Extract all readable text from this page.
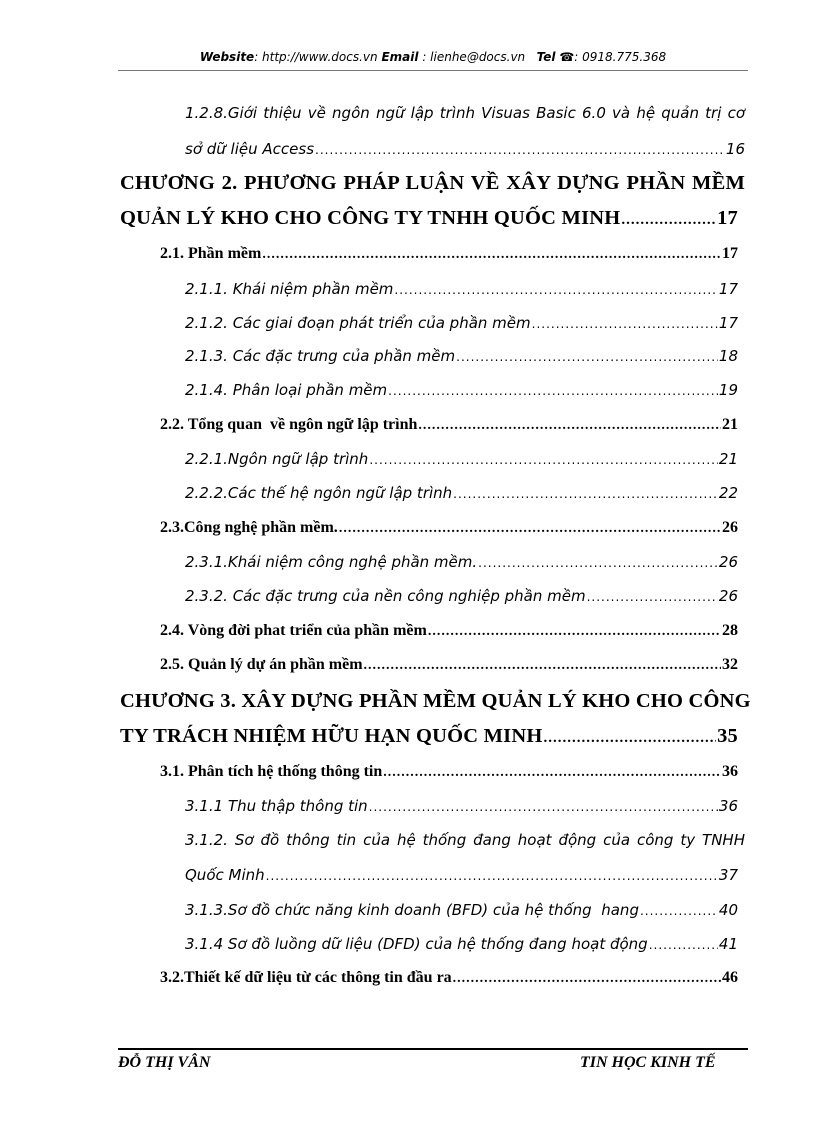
Website: http://www.docs.vn Email : lienhe@docs.vn Tel ☎: 0918.775.368
1.2.8.Giới thiệu về ngôn ngữ lập trình Visuas Basic 6.0 và hệ quản trị cơ
sở dữ liệu Access .....	16
CHƯƠNG 2. PHƯƠNG PHÁP LUẬN VỀ XÂY DỰNG PHẦN MỀM
QUẢN LÝ KHO CHO CÔNG TY TNHH QUỐC MINH .....	17
2.1. Phần mềm .....	17
2.1.1. Khái niệm phần mềm .....	17
2.1.2. Các giai đoạn phát triển của phần mềm .....	17
2.1.3. Các đặc trưng của phần mềm .....	18
2.1.4. Phân loại phần mềm .....	19
2.2. Tổng quan  về ngôn ngữ lập trình .....	21
2.2.1.Ngôn ngữ lập trình .....	21
2.2.2.Các thế hệ ngôn ngữ lập trình .....	22
2.3.Công nghệ phần mềm. .....	26
2.3.1.Khái niệm công nghệ phần mềm. .....	26
2.3.2. Các đặc trưng của nền công nghiệp phần mềm .....	26
2.4. Vòng đời phat triển của phần mềm .....	28
2.5. Quản lý dự án phần mềm .....	32
CHƯƠNG 3. XÂY DỰNG PHẦN MỀM QUẢN LÝ KHO CHO CÔNG
TY TRÁCH NHIỆM HỮU HẠN QUỐC MINH .....	35
3.1. Phân tích hệ thống thông tin .....	36
3.1.1 Thu thập thông tin .....	36
3.1.2. Sơ đồ thông tin của hệ thống đang hoạt động của công ty TNHH
Quốc Minh .....	37
3.1.3.Sơ đồ chức năng kinh doanh (BFD) của hệ thống  hang .....	40
3.1.4 Sơ đồ luồng dữ liệu (DFD) của hệ thống đang hoạt động .....	41
3.2.Thiết kế dữ liệu từ các thông tin đầu ra .....	46
ĐỖ THỊ VÂN	TIN HỌC KINH TẾ
